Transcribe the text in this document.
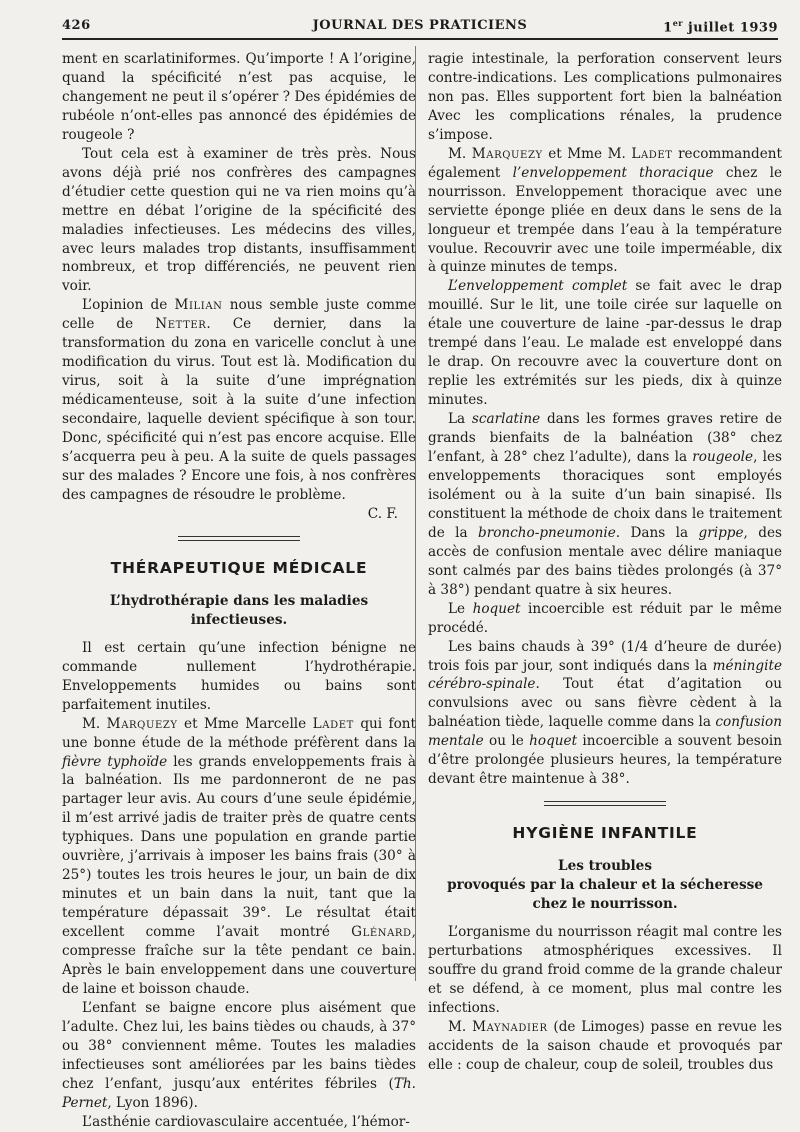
426	JOURNAL DES PRATICIENS	1er juillet 1939

ment en scarlatiniformes. Qu’importe ! A l’origine, quand la spécificité n’est pas acquise, le changement ne peut il s’opérer ? Des épidémies de rubéole n’ont-elles pas annoncé des épidémies de rougeole ?

Tout cela est à examiner de très près. Nous avons déjà prié nos confrères des campagnes d’étudier cette question qui ne va rien moins qu’à mettre en débat l’origine de la spécificité des maladies infectieuses. Les médecins des villes, avec leurs malades trop distants, insuffisamment nombreux, et trop différenciés, ne peuvent rien voir.

L’opinion de Milian nous semble juste comme celle de Netter. Ce dernier, dans la transformation du zona en varicelle conclut à une modification du virus. Tout est là. Modification du virus, soit à la suite d’une imprégnation médicamenteuse, soit à la suite d’une infection secondaire, laquelle devient spécifique à son tour. Donc, spécificité qui n’est pas encore acquise. Elle s’acquerra peu à peu. A la suite de quels passages sur des malades ? Encore une fois, à nos confrères des campagnes de résoudre le problème.

C. F.

THÉRAPEUTIQUE MÉDICALE
L’hydrothérapie dans les maladies
infectieuses.

Il est certain qu’une infection bénigne ne commande nullement l’hydrothérapie. Enveloppements humides ou bains sont parfaitement inutiles.

M. Marquezy et Mme Marcelle Ladet qui font une bonne étude de la méthode préfèrent dans la fièvre typhoïde les grands enveloppements frais à la balnéation. Ils me pardonneront de ne pas partager leur avis. Au cours d’une seule épidémie, il m’est arrivé jadis de traiter près de quatre cents typhiques. Dans une population en grande partie ouvrière, j’arrivais à imposer les bains frais (30° à 25°) toutes les trois heures le jour, un bain de dix minutes et un bain dans la nuit, tant que la température dépassait 39°. Le résultat était excellent comme l’avait montré Glénard, compresse fraîche sur la tête pendant ce bain. Après le bain enveloppement dans une couverture de laine et boisson chaude.

L’enfant se baigne encore plus aisément que l’adulte. Chez lui, les bains tièdes ou chauds, à 37° ou 38° conviennent même. Toutes les maladies infectieuses sont améliorées par les bains tièdes chez l’enfant, jusqu’aux entérites fébriles (Th. Pernet, Lyon 1896).

L’asthénie cardiovasculaire accentuée, l’hémor-

ragie intestinale, la perforation conservent leurs contre-indications. Les complications pulmonaires non pas. Elles supportent fort bien la balnéation Avec les complications rénales, la prudence s’impose.

M. Marquezy et Mme M. Ladet recommandent également l’enveloppement thoracique chez le nourrisson. Enveloppement thoracique avec une serviette éponge pliée en deux dans le sens de la longueur et trempée dans l’eau à la température voulue. Recouvrir avec une toile imperméable, dix à quinze minutes de temps.

L’enveloppement complet se fait avec le drap mouillé. Sur le lit, une toile cirée sur laquelle on étale une couverture de laine -par-dessus le drap trempé dans l’eau. Le malade est enveloppé dans le drap. On recouvre avec la couverture dont on replie les extrémités sur les pieds, dix à quinze minutes.

La scarlatine dans les formes graves retire de grands bienfaits de la balnéation (38° chez l’enfant, à 28° chez l’adulte), dans la rougeole, les enveloppements thoraciques sont employés isolément ou à la suite d’un bain sinapisé. Ils constituent la méthode de choix dans le traitement de la broncho-pneumonie. Dans la grippe, des accès de confusion mentale avec délire maniaque sont calmés par des bains tièdes prolongés (à 37° à 38°) pendant quatre à six heures.

Le hoquet incoercible est réduit par le même procédé.

Les bains chauds à 39° (1/4 d’heure de durée) trois fois par jour, sont indiqués dans la méningite cérébro-spinale. Tout état d’agitation ou convulsions avec ou sans fièvre cèdent à la balnéation tiède, laquelle comme dans la confusion mentale ou le hoquet incoercible a souvent besoin d’être prolongée plusieurs heures, la température devant être maintenue à 38°.

HYGIÈNE INFANTILE
Les troubles
provoqués par la chaleur et la sécheresse
chez le nourrisson.

L’organisme du nourrisson réagit mal contre les perturbations atmosphériques excessives. Il souffre du grand froid comme de la grande chaleur et se défend, à ce moment, plus mal contre les infections.

M. Maynadier (de Limoges) passe en revue les accidents de la saison chaude et provoqués par elle : coup de chaleur, coup de soleil, troubles dus
